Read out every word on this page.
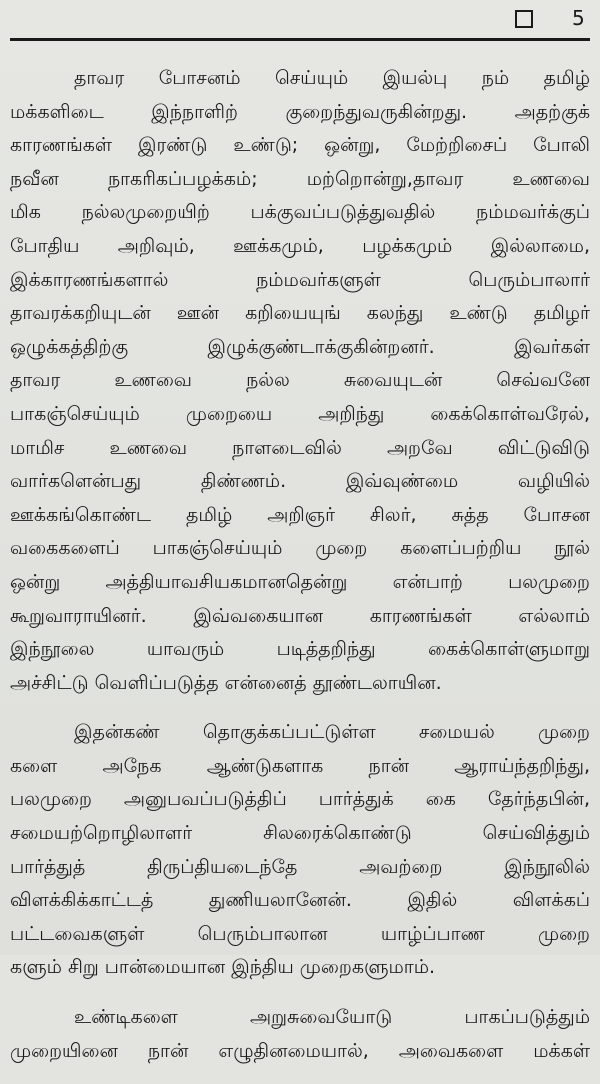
5
தாவர போசனம் செய்யும் இயல்பு நம் தமிழ்
மக்களிடை இந்நாளிற் குறைந்துவருகின்றது. அதற்குக்
காரணங்கள் இரண்டு உண்டு; ஒன்று, மேற்றிசைப் போலி
நவீன நாகரிகப்பழக்கம்; மற்றொன்று,தாவர உணவை
மிக நல்லமுறையிற் பக்குவப்படுத்துவதில் நம்மவர்க்குப்
போதிய அறிவும், ஊக்கமும், பழக்கமும் இல்லாமை,
இக்காரணங்களால் நம்மவர்களுள் பெரும்பாலார்
தாவரக்கறியுடன் ஊன் கறியையுங் கலந்து உண்டு தமிழர்
ஒழுக்கத்திற்கு இழுக்குண்டாக்குகின்றனர். இவர்கள்
தாவர உணவை நல்ல சுவையுடன் செவ்வனே
பாகஞ்செய்யும் முறையை அறிந்து கைக்கொள்வரேல்,
மாமிச உணவை நாளடைவில் அறவே விட்டுவிடு
வார்களென்பது திண்ணம். இவ்வுண்மை வழியில்
ஊக்கங்கொண்ட தமிழ் அறிஞர் சிலர், சுத்த போசன
வகைகளைப் பாகஞ்செய்யும் முறை களைப்பற்றிய நூல்
ஒன்று அத்தியாவசியகமானதென்று என்பாற் பலமுறை
கூறுவாராயினர். இவ்வகையான காரணங்கள் எல்லாம்
இந்நூலை யாவரும் படித்தறிந்து கைக்கொள்ளுமாறு
அச்சிட்டு வெளிப்படுத்த என்னைத் தூண்டலாயின.
இதன்கண் தொகுக்கப்பட்டுள்ள சமையல் முறை
களை அநேக ஆண்டுகளாக நான் ஆராய்ந்தறிந்து,
பலமுறை அனுபவப்படுத்திப் பார்த்துக் கை தேர்ந்தபின்,
சமையற்றொழிலாளர் சிலரைக்கொண்டு செய்வித்தும்
பார்த்துத் திருப்தியடைந்தே அவற்றை இந்நூலில்
விளக்கிக்காட்டத் துணியலானேன். இதில் விளக்கப்
பட்டவைகளுள் பெரும்பாலான யாழ்ப்பாண முறை
களும் சிறு பான்மையான இந்திய முறைகளுமாம்.
உண்டிகளை அறுசுவையோடு பாகப்படுத்தும்
முறையினை நான் எழுதினமையால், அவைகளை மக்கள்
